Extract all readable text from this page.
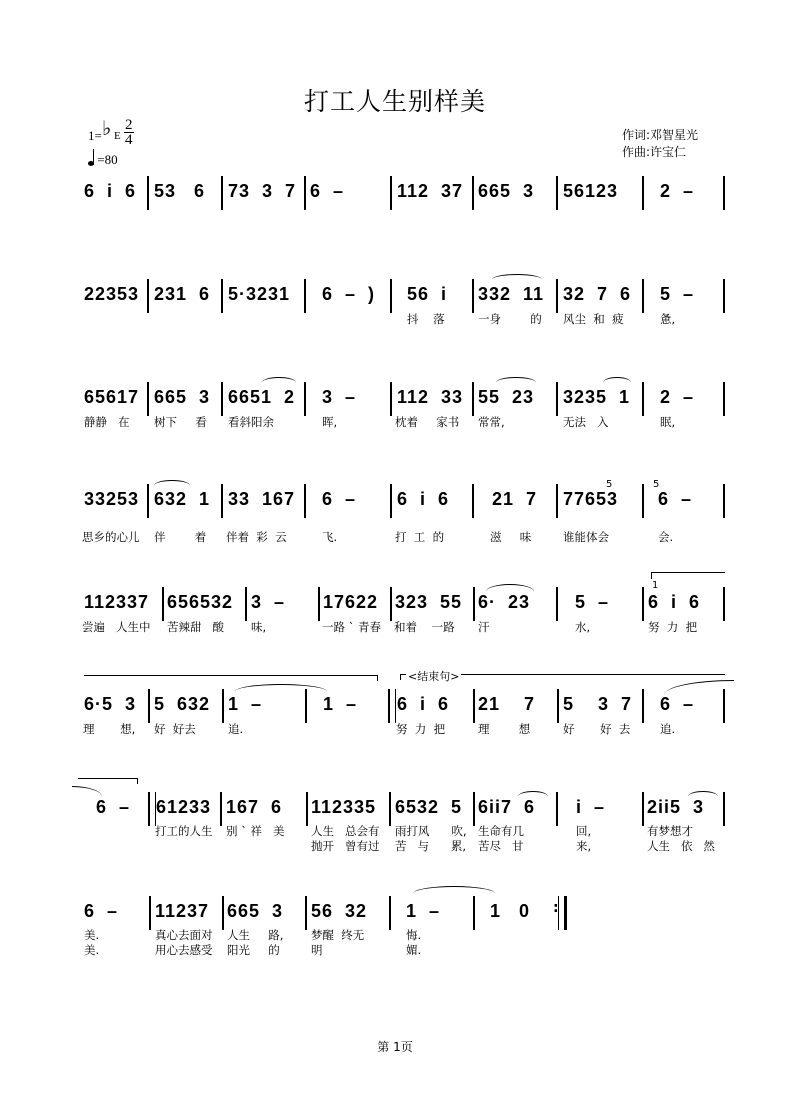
打工人生别样美
1= ♭ E
2
4
=80
作词:邓智星光
作曲:许宝仁
6  i  6 53   6 73  3  7 6  –	112  37 665  3 56123 2  –
22353 231  6 5·3231 6  –  ) 56  i
抖    落
332  11
一身        的
32  7  6
风尘  和  疲
5  –
惫,
65617
静静   在
665  3
树下     看
6651  2
看斜阳余
3  –
晖,
112  33
枕着     家书
55  23
常常,
3235  1
无法   入
2  –
眠,
33253
思乡的心儿
632  1
伴        着
33  167
伴着  彩  云
6  –
飞.
6  i  6
打  工  的
21  7
滋     味
77653
谁能体会
5	5
6  –
会.
112337
尝遍   人生中
656532
苦辣甜   酸
3  –
味,
17622
一路 ` 青春
323  55
和着    一路
6·  23
汗
5  –
水,
1
6  i  6
努  力  把
6·5  3
理       想,
5  632
好  好去
1  –
追.
1  –
<结束句>
6  i  6
努  力  把
21    7
理        想
5    3  7
好       好  去
6  –
追.
6  – 61233
打工的人生
167  6
别 ` 祥   美
112335
人生   总会有
抛开   曾有过
6532  5
雨打风      吹,
苦   与      累,
6ii7  6
生命有几
苦尽   甘
i  –
回,
来,
2ii5  3
有梦想才
人生   依   然
6  –
美.
美.
11237
真心去面对
用心去感受
665  3
人生     路,
阳光     的
56  32
梦醒  终无
明
1  –
悔.
媚.
1   0 :
第 1页
